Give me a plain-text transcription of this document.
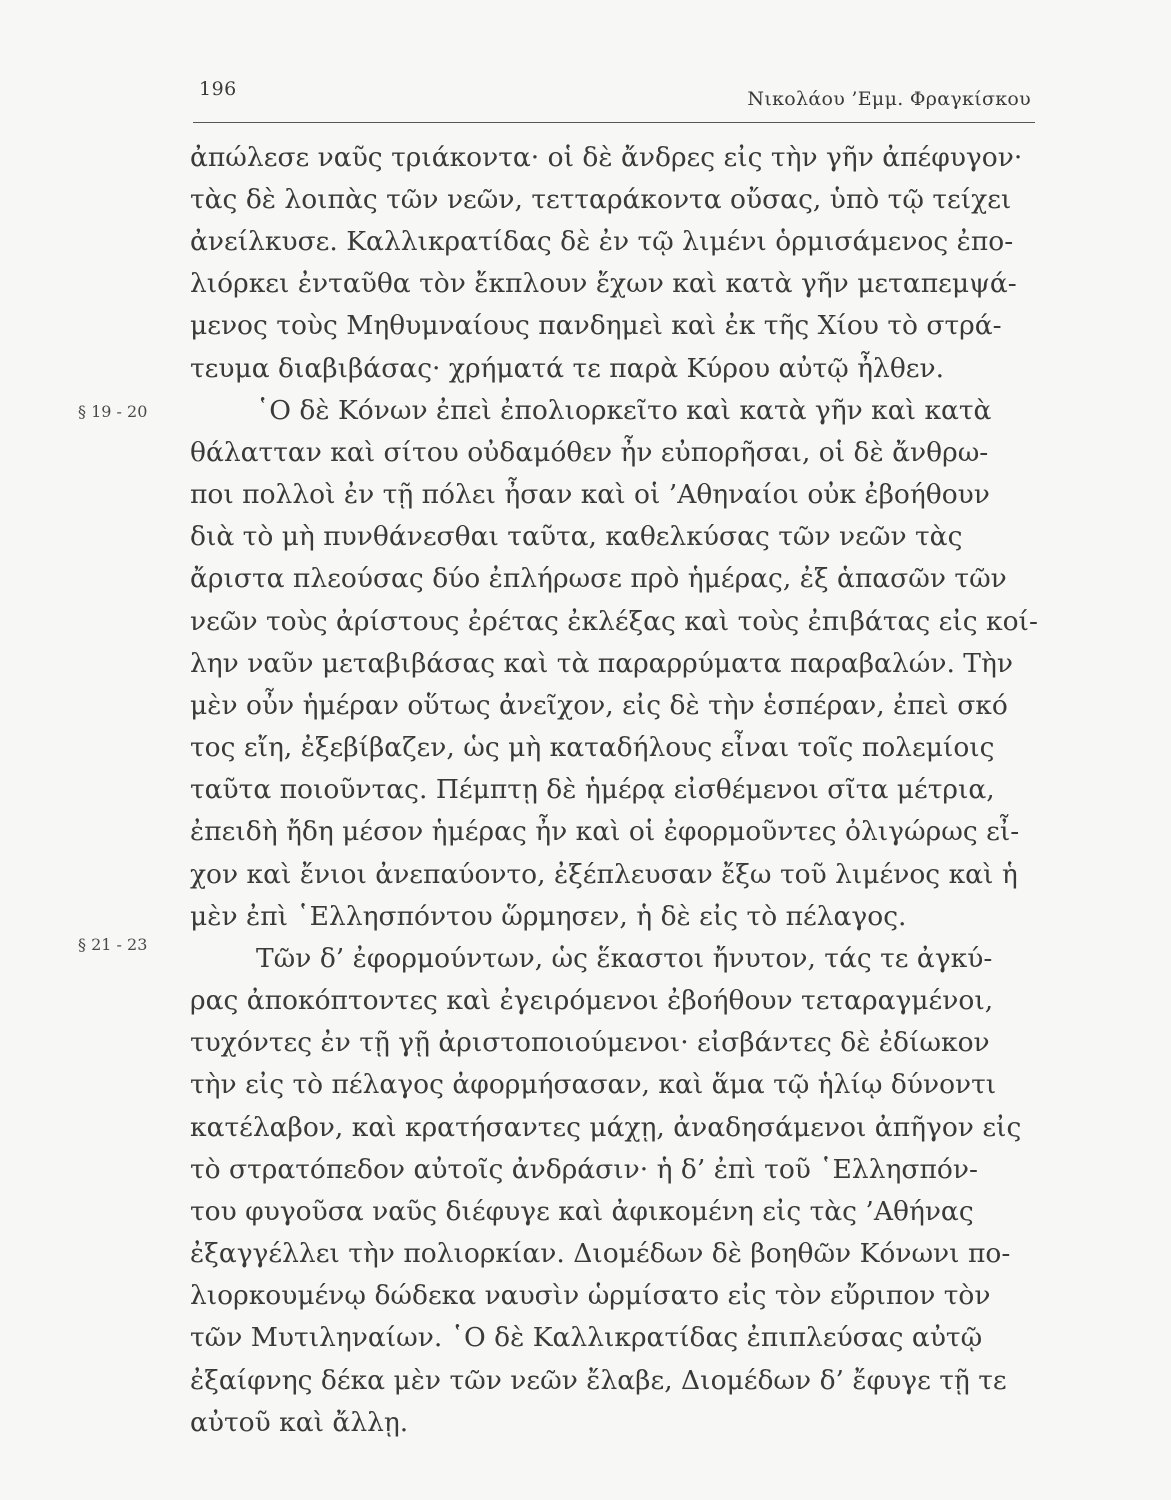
196	Νικολάου ’Εμμ. Φραγκίσκου
§ 19 - 20
§ 21 - 23
ἀπώλεσε ναῦς τριάκοντα· οἱ δὲ ἄνδρες εἰς τὴν γῆν ἀπέφυγον·
τὰς δὲ λοιπὰς τῶν νεῶν, τετταράκοντα οὔσας, ὑπὸ τῷ τείχει
ἀνείλκυσε. Καλλικρατίδας δὲ ἐν τῷ λιμένι ὁρμισάμενος ἐπο-
λιόρκει ἐνταῦθα τὸν ἔκπλουν ἔχων καὶ κατὰ γῆν μεταπεμψά-
μενος τοὺς Μηθυμναίους πανδημεὶ καὶ ἐκ τῆς Χίου τὸ στρά-
τευμα διαβιβάσας· χρήματά τε παρὰ Κύρου αὐτῷ ἦλθεν.
῾Ο δὲ Κόνων ἐπεὶ ἐπολιορκεῖτο καὶ κατὰ γῆν καὶ κατὰ
θάλατταν καὶ σίτου οὐδαμόθεν ἦν εὐπορῆσαι, οἱ δὲ ἄνθρω-
ποι πολλοὶ ἐν τῇ πόλει ἦσαν καὶ οἱ ’Αθηναίοι οὐκ ἐβοήθουν
διὰ τὸ μὴ πυνθάνεσθαι ταῦτα, καθελκύσας τῶν νεῶν τὰς
ἄριστα πλεούσας δύο ἐπλήρωσε πρὸ ἡμέρας, ἐξ ἁπασῶν τῶν
νεῶν τοὺς ἀρίστους ἐρέτας ἐκλέξας καὶ τοὺς ἐπιβάτας εἰς κοί-
λην ναῦν μεταβιβάσας καὶ τὰ παραρρύματα παραβαλών. Τὴν
μὲν οὖν ἡμέραν οὕτως ἀνεῖχον, εἰς δὲ τὴν ἑσπέραν, ἐπεὶ σκό
τος εἴη, ἐξεβίβαζεν, ὡς μὴ καταδήλους εἶναι τοῖς πολεμίοις
ταῦτα ποιοῦντας. Πέμπτῃ δὲ ἡμέρᾳ εἰσθέμενοι σῖτα μέτρια,
ἐπειδὴ ἤδη μέσον ἡμέρας ἦν καὶ οἱ ἐφορμοῦντες ὀλιγώρως εἶ-
χον καὶ ἔνιοι ἀνεπαύοντο, ἐξέπλευσαν ἔξω τοῦ λιμένος καὶ ἡ
μὲν ἐπὶ ῾Ελλησπόντου ὥρμησεν, ἡ δὲ εἰς τὸ πέλαγος.
Τῶν δ’ ἐφορμούντων, ὡς ἕκαστοι ἤνυτον, τάς τε ἀγκύ-
ρας ἀποκόπτοντες καὶ ἐγειρόμενοι ἐβοήθουν τεταραγμένοι,
τυχόντες ἐν τῇ γῇ ἀριστοποιούμενοι· εἰσβάντες δὲ ἐδίωκον
τὴν εἰς τὸ πέλαγος ἀφορμήσασαν, καὶ ἅμα τῷ ἡλίῳ δύνοντι
κατέλαβον, καὶ κρατήσαντες μάχῃ, ἀναδησάμενοι ἀπῆγον εἰς
τὸ στρατόπεδον αὐτοῖς ἀνδράσιν· ἡ δ’ ἐπὶ τοῦ ῾Ελλησπόν-
του φυγοῦσα ναῦς διέφυγε καὶ ἀφικομένη εἰς τὰς ’Αθήνας
ἐξαγγέλλει τὴν πολιορκίαν. Διομέδων δὲ βοηθῶν Κόνωνι πο-
λιορκουμένῳ δώδεκα ναυσὶν ὡρμίσατο εἰς τὸν εὔριπον τὸν
τῶν Μυτιληναίων. ῾Ο δὲ Καλλικρατίδας ἐπιπλεύσας αὐτῷ
ἐξαίφνης δέκα μὲν τῶν νεῶν ἔλαβε, Διομέδων δ’ ἔφυγε τῇ τε
αὐτοῦ καὶ ἄλλῃ.
